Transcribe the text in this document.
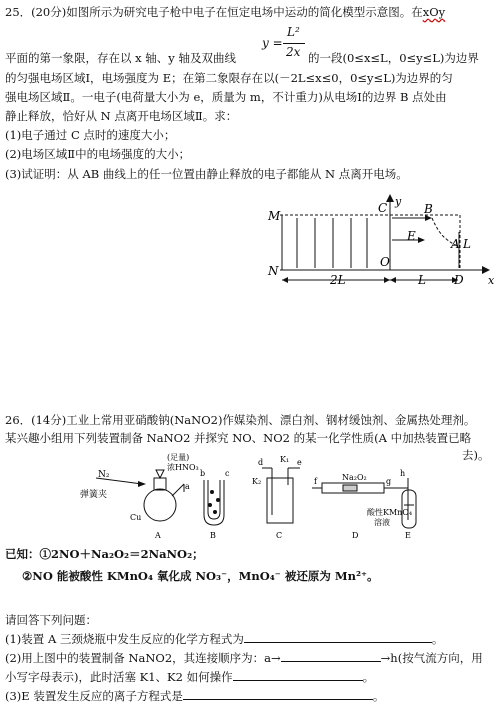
25．(20分)如图所示为研究电子枪中电子在恒定电场中运动的简化模型示意图。在xOy
y =
L²
2x
平面的第一象限，存在以 x 轴、y 轴及双曲线	的一段(0≤x≤L，0≤y≤L)为边界
的匀强电场区域Ⅰ，电场强度为 E；在第二象限存在以(－2L≤x≤0，0≤y≤L)为边界的匀
强电场区域Ⅱ。一电子(电荷量大小为 e，质量为 m，不计重力)从电场Ⅰ的边界 B 点处由
静止释放，恰好从 N 点离开电场区域Ⅱ。求：
(1)电子通过 C 点时的速度大小；
(2)电场区域Ⅱ中的电场强度的大小；
(3)试证明：从 AB 曲线上的任一位置由静止释放的电子都能从 N 点离开电场。
M
N
C y
B
E
A L
O
D x
2L	L
26．(14分)工业上常用亚硝酸钠(NaNO2)作媒染剂、漂白剂、钢材缓蚀剂、金属热处理剂。
某兴趣小组用下列装置制备 NaNO2 并探究 NO、NO2 的某一化学性质(A 中加热装置已略
去)。
N₂
弹簧夹
(足量)
浓HNO₃
a
Cu
A
b c
B
d	e
K₁
K₂
C
Na₂O₂
f	g
D
h
酸性KMnO₄
溶液
E
已知：①2NO＋Na₂O₂＝2NaNO₂；
②NO 能被酸性 KMnO₄ 氧化成 NO₃⁻，MnO₄⁻ 被还原为 Mn²⁺。
请回答下列问题：
(1)装置 A 三颈烧瓶中发生反应的化学方程式为	。
(2)用上图中的装置制备 NaNO2，其连接顺序为：a→	→h(按气流方向，用
小写字母表示)，此时活塞 K1、K2 如何操作	。
(3)E 装置发生反应的离子方程式是	。
